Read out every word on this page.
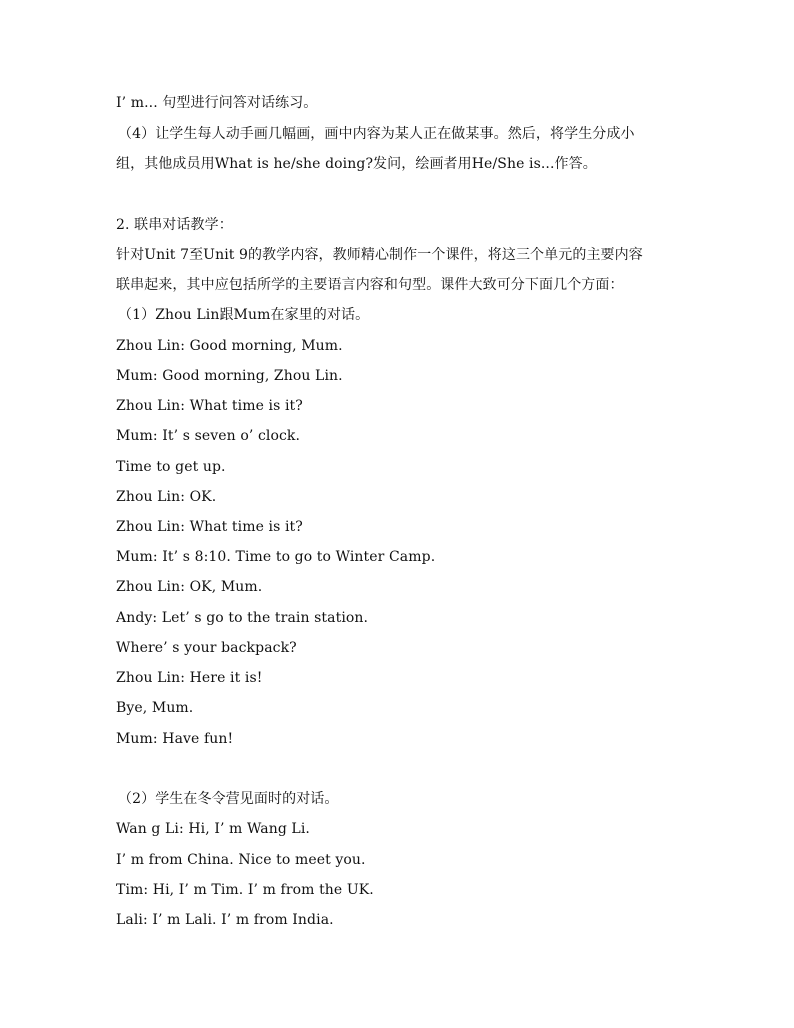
I’ m... 句型进行问答对话练习。
（4）让学生每人动手画几幅画，画中内容为某人正在做某事。然后，将学生分成小
组，其他成员用What is he/she doing?发问，绘画者用He/She is...作答。
2. 联串对话教学：
针对Unit 7至Unit 9的教学内容，教师精心制作一个课件，将这三个单元的主要内容
联串起来，其中应包括所学的主要语言内容和句型。课件大致可分下面几个方面：
（1）Zhou Lin跟Mum在家里的对话。
Zhou Lin: Good morning, Mum.
Mum: Good morning, Zhou Lin.
Zhou Lin: What time is it?
Mum: It’ s seven o’ clock.
Time to get up.
Zhou Lin: OK.
Zhou Lin: What time is it?
Mum: It’ s 8:10. Time to go to Winter Camp.
Zhou Lin: OK, Mum.
Andy: Let’ s go to the train station.
Where’ s your backpack?
Zhou Lin: Here it is!
Bye, Mum.
Mum: Have fun!
（2）学生在冬令营见面时的对话。
Wan g Li: Hi, I’ m Wang Li.
I’ m from China. Nice to meet you.
Tim: Hi, I’ m Tim. I’ m from the UK.
Lali: I’ m Lali. I’ m from India.
